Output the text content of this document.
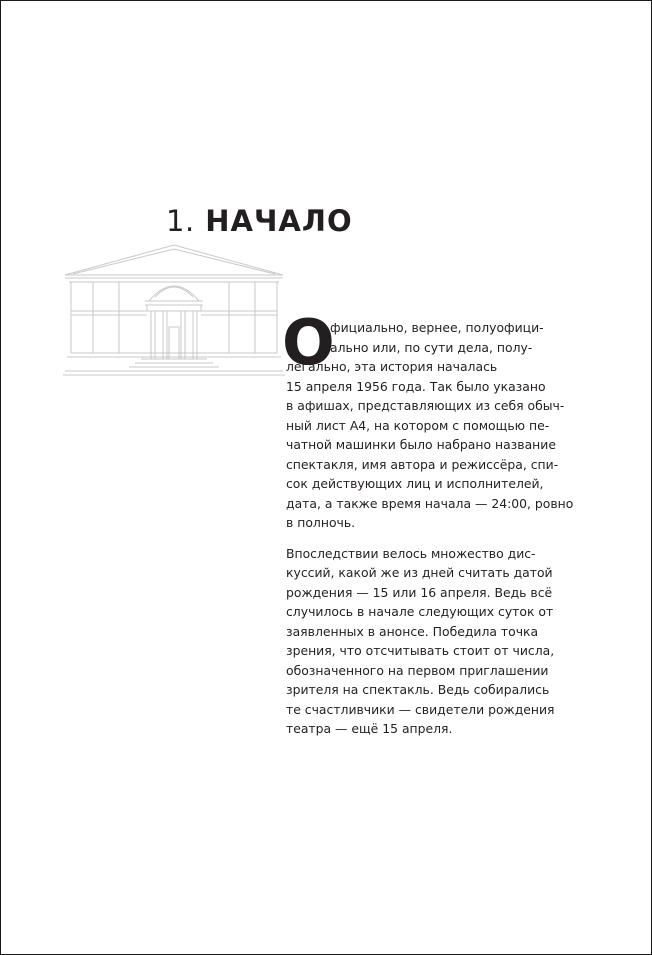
1. НАЧАЛО
О

фициально, вернее, полуофици-
ально или, по сути дела, полу-
легально, эта история началась
15 апреля 1956 года. Так было указано
в афишах, представляющих из себя обыч-
ный лист А4, на котором с помощью пе-
чатной машинки было набрано название
спектакля, имя автора и режиссёра, спи-
сок действующих лиц и исполнителей,
дата, а также время начала — 24:00, ровно
в полночь.

Впоследствии велось множество дис-
куссий, какой же из дней считать датой
рождения — 15 или 16 апреля. Ведь всё
случилось в начале следующих суток от
заявленных в анонсе. Победила точка
зрения, что отсчитывать стоит от числа,
обозначенного на первом приглашении
зрителя на спектакль. Ведь собирались
те счастливчики — свидетели рождения
театра — ещё 15 апреля.
